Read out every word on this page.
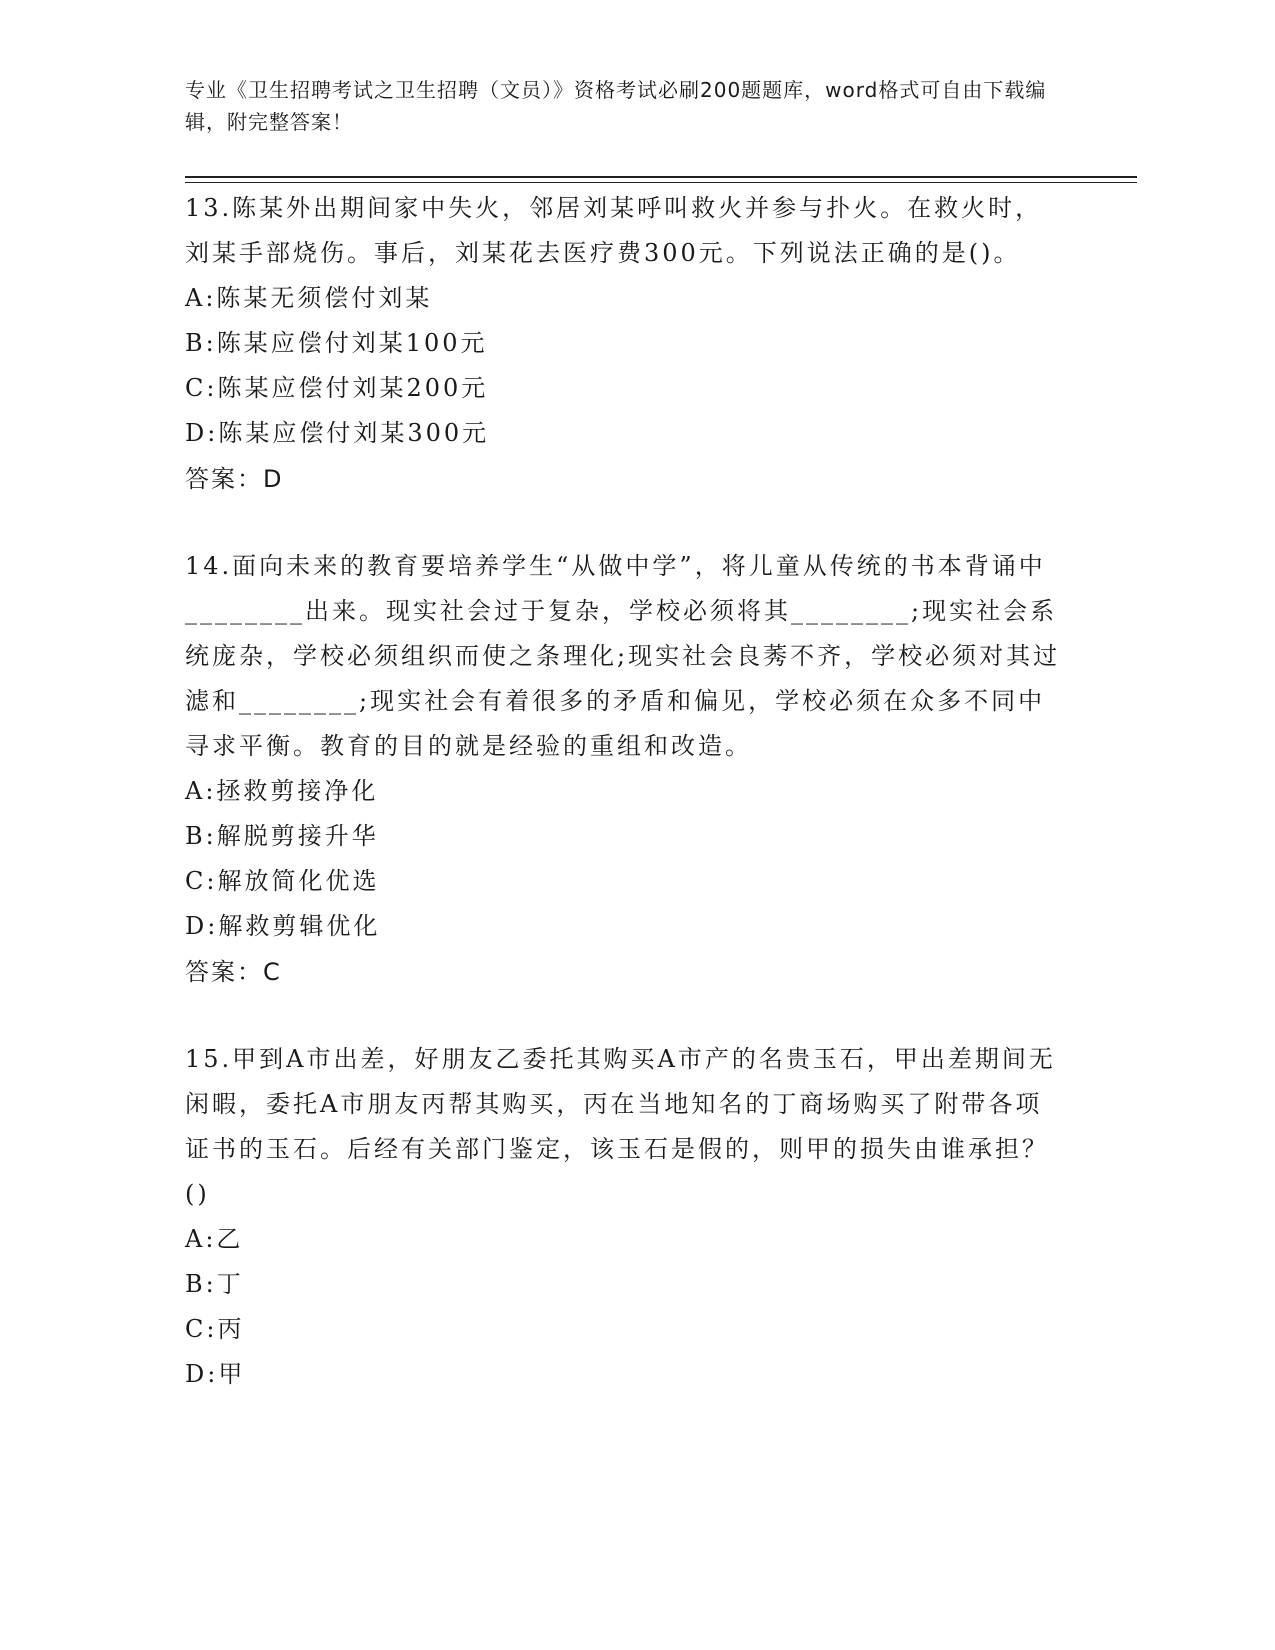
专业《卫生招聘考试之卫生招聘（文员）》资格考试必刷200题题库，word格式可自由下载编辑，附完整答案！

13.陈某外出期间家中失火，邻居刘某呼叫救火并参与扑火。在救火时，刘某手部烧伤。事后，刘某花去医疗费300元。下列说法正确的是()。

A:陈某无须偿付刘某

B:陈某应偿付刘某100元

C:陈某应偿付刘某200元

D:陈某应偿付刘某300元

答案：D

14.面向未来的教育要培养学生“从做中学”，将儿童从传统的书本背诵中________出来。现实社会过于复杂，学校必须将其________;现实社会系统庞杂，学校必须组织而使之条理化;现实社会良莠不齐，学校必须对其过滤和________;现实社会有着很多的矛盾和偏见，学校必须在众多不同中寻求平衡。教育的目的就是经验的重组和改造。

A:拯救剪接净化

B:解脱剪接升华

C:解放简化优选

D:解救剪辑优化

答案：C

15.甲到A市出差，好朋友乙委托其购买A市产的名贵玉石，甲出差期间无闲暇，委托A市朋友丙帮其购买，丙在当地知名的丁商场购买了附带各项证书的玉石。后经有关部门鉴定，该玉石是假的，则甲的损失由谁承担？()

A:乙

B:丁

C:丙

D:甲
